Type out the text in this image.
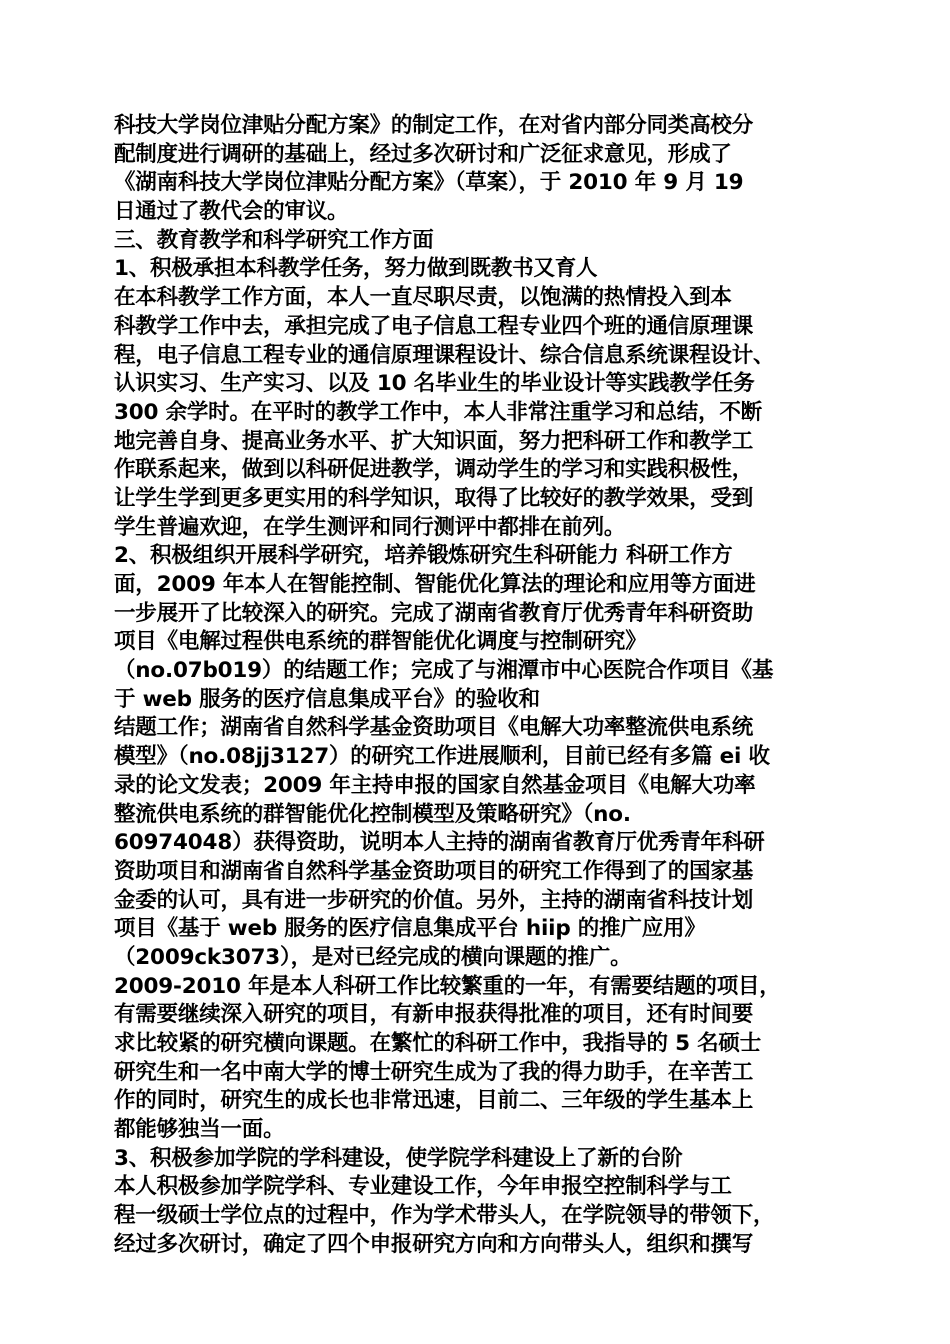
科技大学岗位津贴分配方案》的制定工作，在对省内部分同类高校分
配制度进行调研的基础上，经过多次研讨和广泛征求意见，形成了
《湖南科技大学岗位津贴分配方案》（草案），于 2010 年 9 月 19
日通过了教代会的审议。
三、教育教学和科学研究工作方面
1、积极承担本科教学任务，努力做到既教书又育人
在本科教学工作方面，本人一直尽职尽责，以饱满的热情投入到本
科教学工作中去，承担完成了电子信息工程专业四个班的通信原理课
程，电子信息工程专业的通信原理课程设计、综合信息系统课程设计、
认识实习、生产实习、以及 10 名毕业生的毕业设计等实践教学任务
300 余学时。在平时的教学工作中，本人非常注重学习和总结，不断
地完善自身、提高业务水平、扩大知识面，努力把科研工作和教学工
作联系起来，做到以科研促进教学，调动学生的学习和实践积极性，
让学生学到更多更实用的科学知识，取得了比较好的教学效果，受到
学生普遍欢迎，在学生测评和同行测评中都排在前列。
2、积极组织开展科学研究，培养锻炼研究生科研能力 科研工作方
面，2009 年本人在智能控制、智能优化算法的理论和应用等方面进
一步展开了比较深入的研究。完成了湖南省教育厅优秀青年科研资助
项目《电解过程供电系统的群智能优化调度与控制研究》
（no.07b019）的结题工作；完成了与湘潭市中心医院合作项目《基
于 web 服务的医疗信息集成平台》的验收和
结题工作；湖南省自然科学基金资助项目《电解大功率整流供电系统
模型》（no.08jj3127）的研究工作进展顺利，目前已经有多篇 ei 收
录的论文发表；2009 年主持申报的国家自然基金项目《电解大功率
整流供电系统的群智能优化控制模型及策略研究》（no.
60974048）获得资助，说明本人主持的湖南省教育厅优秀青年科研
资助项目和湖南省自然科学基金资助项目的研究工作得到了的国家基
金委的认可，具有进一步研究的价值。另外，主持的湖南省科技计划
项目《基于 web 服务的医疗信息集成平台 hiip 的推广应用》
（2009ck3073），是对已经完成的横向课题的推广。
2009-2010 年是本人科研工作比较繁重的一年，有需要结题的项目，
有需要继续深入研究的项目，有新申报获得批准的项目，还有时间要
求比较紧的研究横向课题。在繁忙的科研工作中，我指导的 5 名硕士
研究生和一名中南大学的博士研究生成为了我的得力助手，在辛苦工
作的同时，研究生的成长也非常迅速，目前二、三年级的学生基本上
都能够独当一面。
3、积极参加学院的学科建设，使学院学科建设上了新的台阶
本人积极参加学院学科、专业建设工作，今年申报空控制科学与工
程一级硕士学位点的过程中，作为学术带头人，在学院领导的带领下，
经过多次研讨，确定了四个申报研究方向和方向带头人，组织和撰写
